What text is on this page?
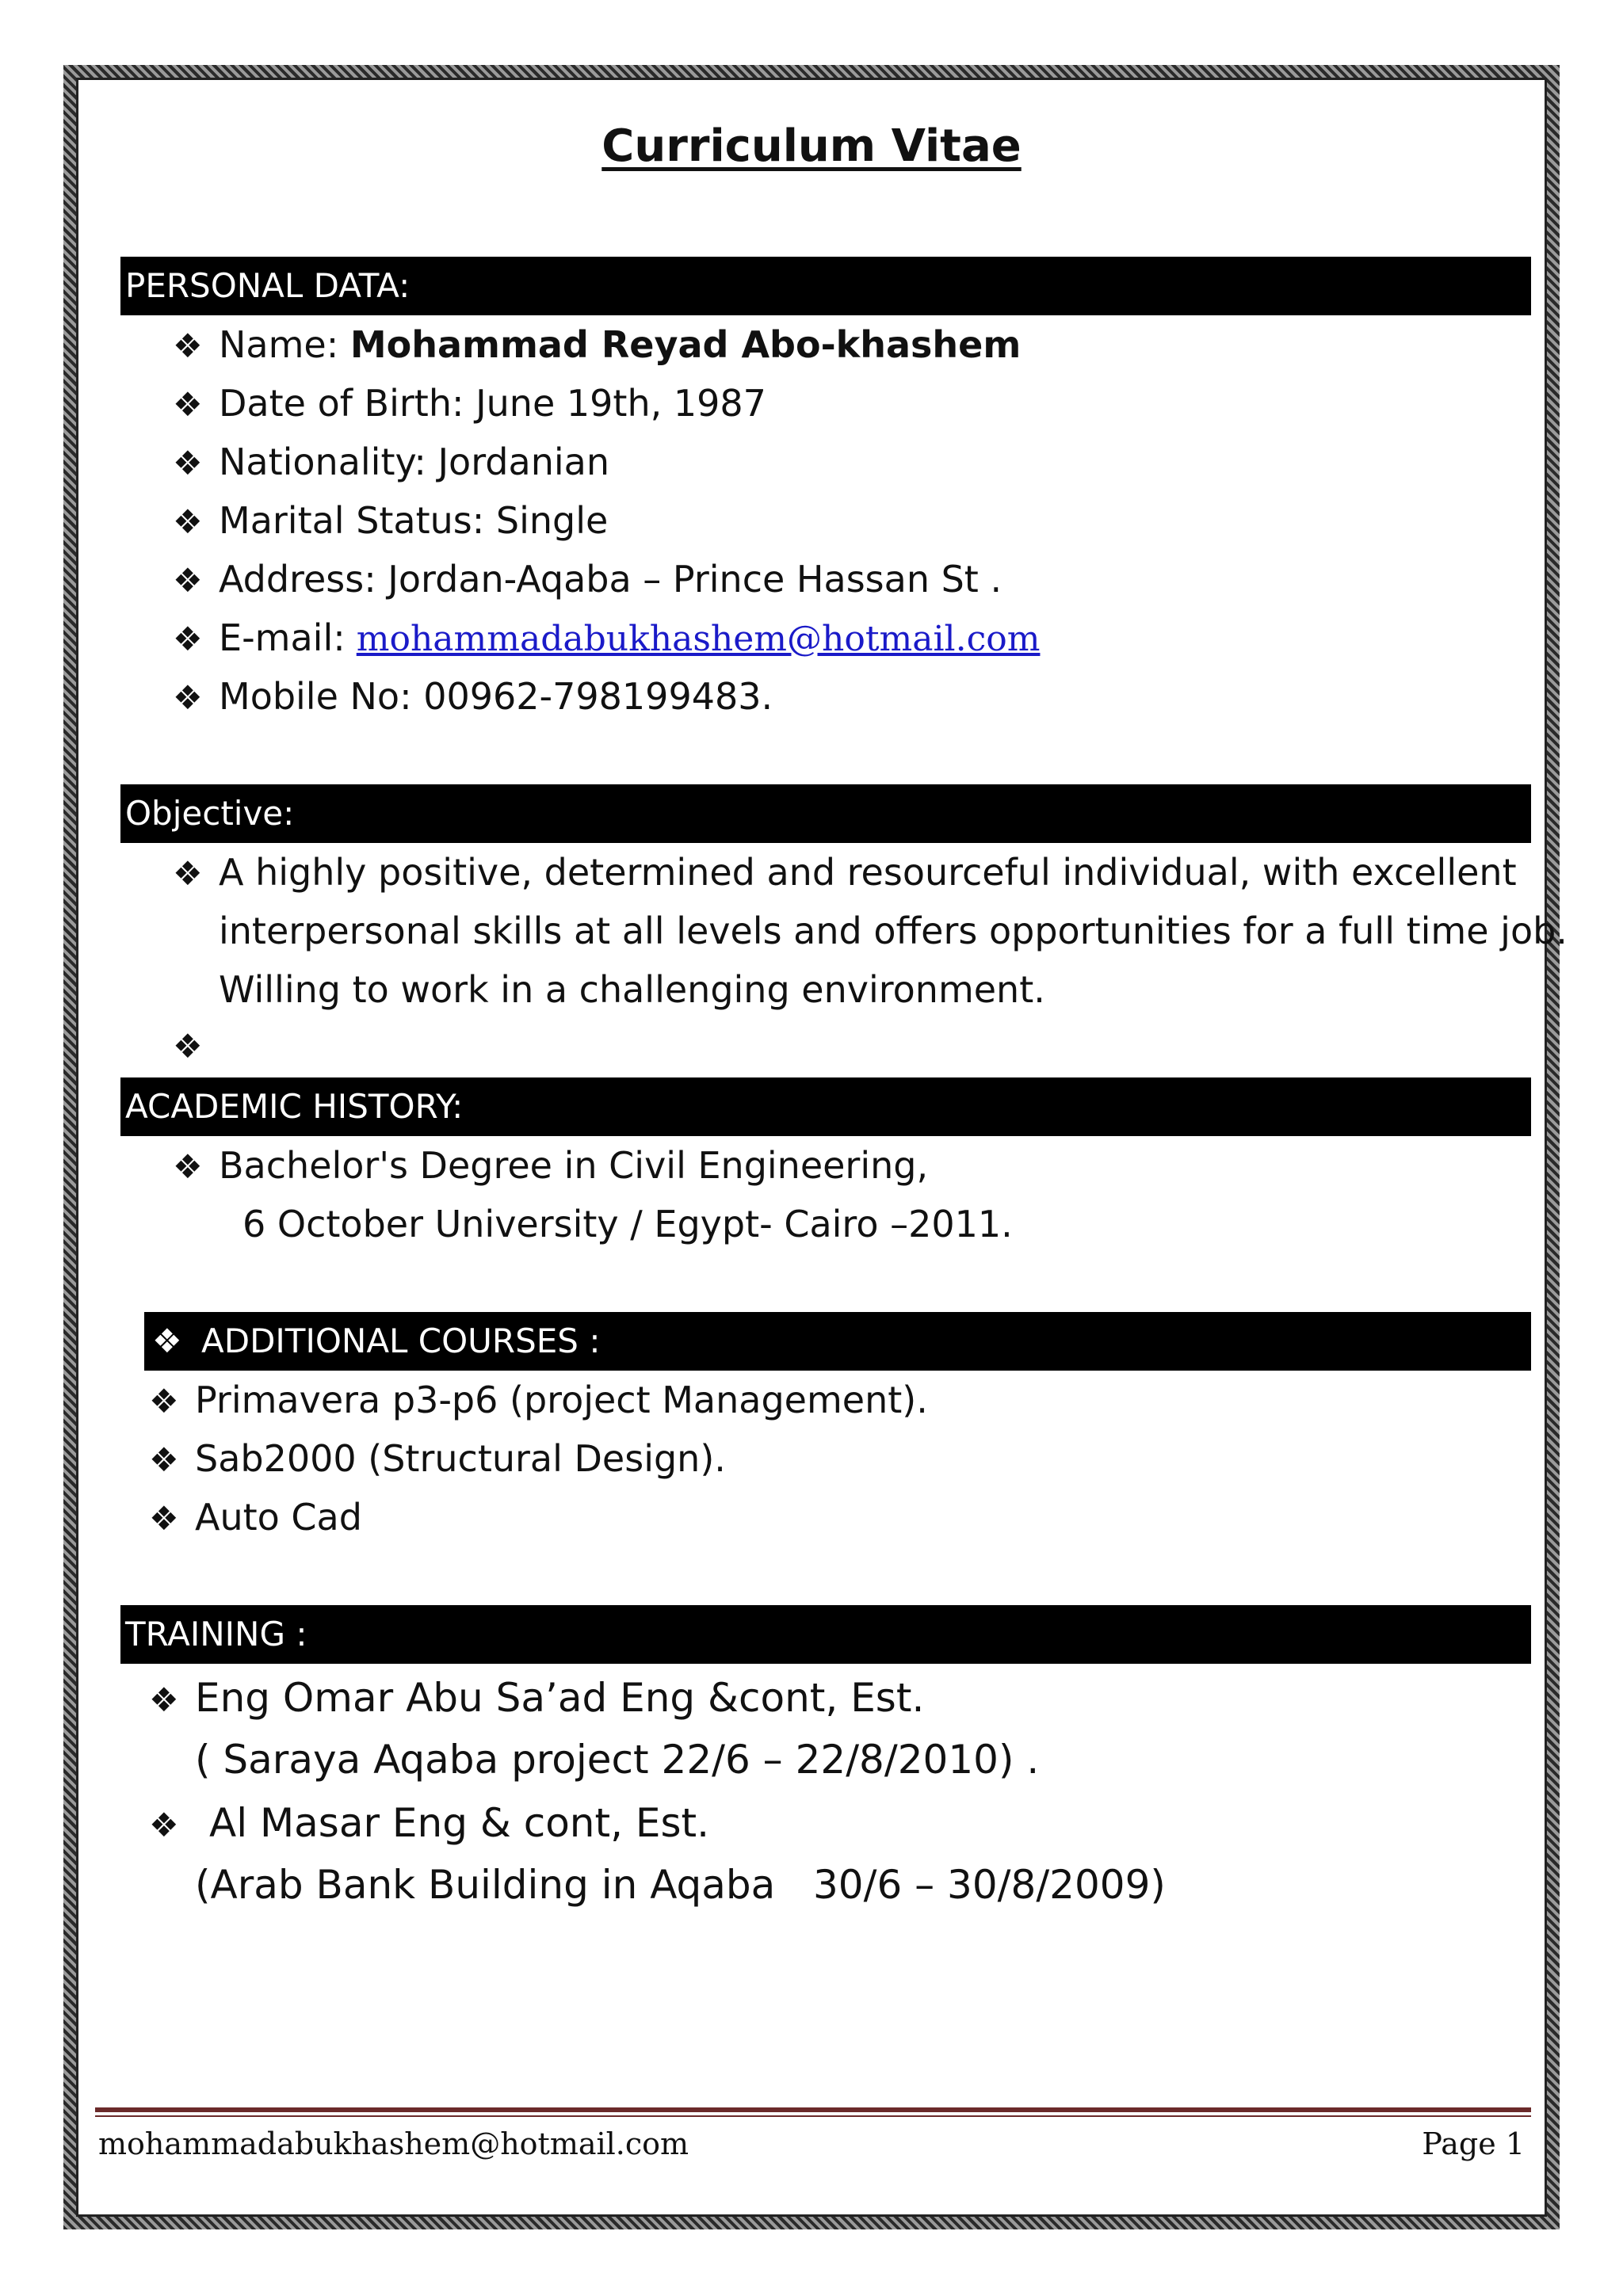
Curriculum Vitae
PERSONAL DATA:
❖ Name: Mohammad Reyad Abo-khashem
❖ Date of Birth: June 19th, 1987
❖ Nationality: Jordanian
❖ Marital Status: Single
❖ Address: Jordan-Aqaba – Prince Hassan St .
❖ E-mail: mohammadabukhashem@hotmail.com
❖ Mobile No: 00962-798199483.
Objective:
❖ A highly positive, determined and resourceful individual, with excellent
interpersonal skills at all levels and offers opportunities for a full time job.
Willing to work in a challenging environment.
❖
ACADEMIC HISTORY:
❖ Bachelor's Degree in Civil Engineering,
6 October University / Egypt- Cairo –2011.
❖ ADDITIONAL COURSES :
❖ Primavera p3-p6 (project Management).
❖ Sab2000 (Structural Design).
❖ Auto Cad
TRAINING :
❖ Eng Omar Abu Sa’ad Eng &cont, Est.
( Saraya Aqaba project 22/6 – 22/8/2010) .
❖ Al Masar Eng & cont, Est.
(Arab Bank Building in Aqaba   30/6 – 30/8/2009)
mohammadabukhashem@hotmail.com	Page 1
